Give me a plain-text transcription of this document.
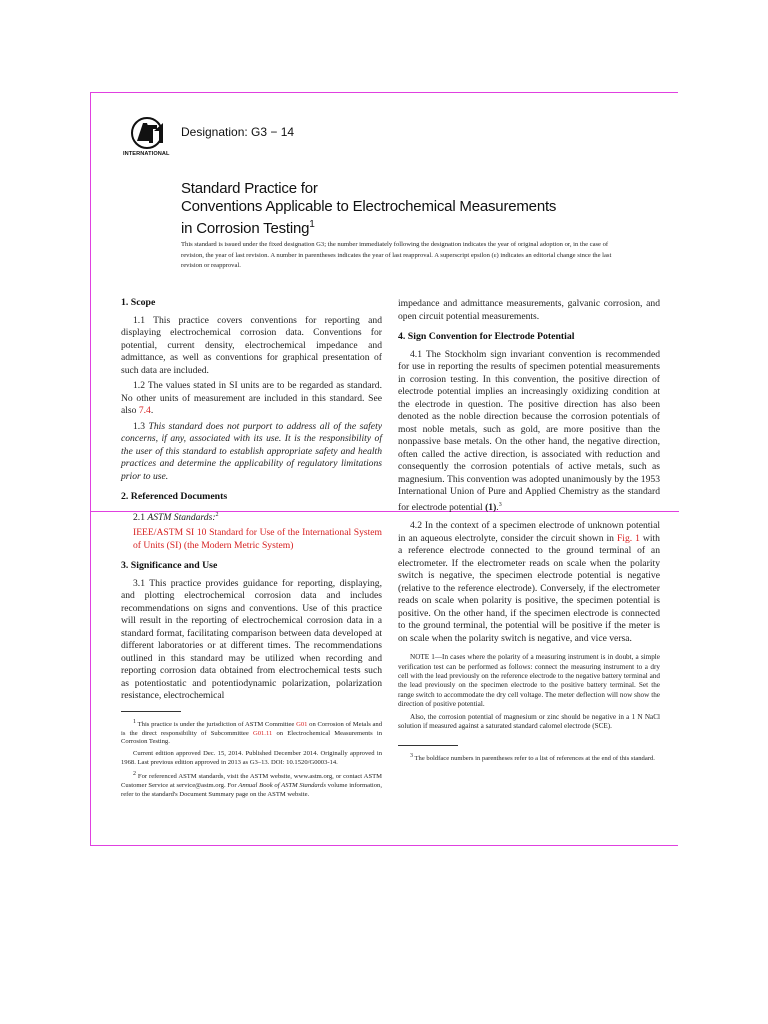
INTERNATIONAL
Designation: G3 − 14
Standard Practice for
Conventions Applicable to Electrochemical Measurements
in Corrosion Testing$^1$
This standard is issued under the fixed designation G3; the number immediately following the designation indicates the year of original adoption or, in the case of revision, the year of last revision. A number in parentheses indicates the year of last reapproval. A superscript epsilon (ε) indicates an editorial change since the last revision or reapproval.
1. Scope

1.1 This practice covers conventions for reporting and displaying electrochemical corrosion data. Conventions for potential, current density, electrochemical impedance and admittance, as well as conventions for graphical presentation of such data are included.

1.2 The values stated in SI units are to be regarded as standard. No other units of measurement are included in this standard. See also 7.4.

1.3 This standard does not purport to address all of the safety concerns, if any, associated with its use. It is the responsibility of the user of this standard to establish appropriate safety and health practices and determine the applicability of regulatory limitations prior to use.

2. Referenced Documents

2.1 ASTM Standards:$^2$

IEEE/ASTM SI 10 Standard for Use of the International System of Units (SI) (the Modern Metric System)

3. Significance and Use

3.1 This practice provides guidance for reporting, displaying, and plotting electrochemical corrosion data and includes recommendations on signs and conventions. Use of this practice will result in the reporting of electrochemical corrosion data in a standard format, facilitating comparison between data developed at different laboratories or at different times. The recommendations outlined in this standard may be utilized when recording and reporting corrosion data obtained from electrochemical tests such as potentiostatic and potentiodynamic polarization, polarization resistance, electrochemical

$^1$ This practice is under the jurisdiction of ASTM Committee G01 on Corrosion of Metals and is the direct responsibility of Subcommittee G01.11 on Electrochemical Measurements in Corrosion Testing.

Current edition approved Dec. 15, 2014. Published December 2014. Originally approved in 1968. Last previous edition approved in 2013 as G3–13. DOI: 10.1520/G0003-14.

$^2$ For referenced ASTM standards, visit the ASTM website, www.astm.org, or contact ASTM Customer Service at service@astm.org. For Annual Book of ASTM Standards volume information, refer to the standard's Document Summary page on the ASTM website.

impedance and admittance measurements, galvanic corrosion, and open circuit potential measurements.

4. Sign Convention for Electrode Potential

4.1 The Stockholm sign invariant convention is recommended for use in reporting the results of specimen potential measurements in corrosion testing. In this convention, the positive direction of electrode potential implies an increasingly oxidizing condition at the electrode in question. The positive direction has also been denoted as the noble direction because the corrosion potentials of most noble metals, such as gold, are more positive than the nonpassive base metals. On the other hand, the negative direction, often called the active direction, is associated with reduction and consequently the corrosion potentials of active metals, such as magnesium. This convention was adopted unanimously by the 1953 International Union of Pure and Applied Chemistry as the standard for electrode potential (1).$^3$

4.2 In the context of a specimen electrode of unknown potential in an aqueous electrolyte, consider the circuit shown in Fig. 1 with a reference electrode connected to the ground terminal of an electrometer. If the electrometer reads on scale when the polarity switch is negative, the specimen electrode potential is negative (relative to the reference electrode). Conversely, if the electrometer reads on scale when polarity is positive, the specimen potential is positive. On the other hand, if the specimen electrode is connected to the ground terminal, the potential will be positive if the meter is on scale when the polarity switch is negative, and vice versa.

NOTE 1—In cases where the polarity of a measuring instrument is in doubt, a simple verification test can be performed as follows: connect the measuring instrument to a dry cell with the lead previously on the reference electrode to the negative battery terminal and the lead previously on the specimen electrode to the positive battery terminal. Set the range switch to accommodate the dry cell voltage. The meter deflection will now show the direction of positive potential.

Also, the corrosion potential of magnesium or zinc should be negative in a 1 N NaCl solution if measured against a saturated standard calomel electrode (SCE).

$^3$ The boldface numbers in parentheses refer to a list of references at the end of this standard.
